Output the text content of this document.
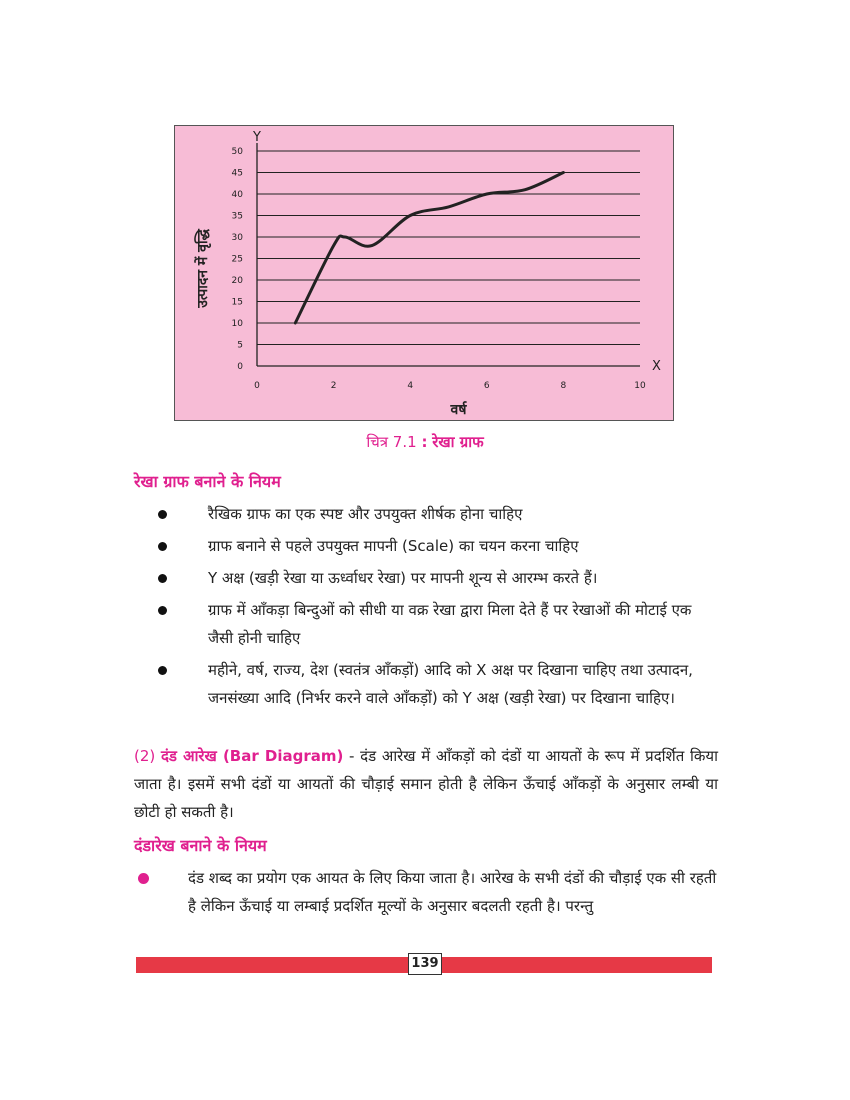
0
5
10
15
20
25
30
35
40
45
50
0	2	4	6	8	10
Y
X
वर्ष
उत्पादन में वृद्धि
चित्र 7.1 : रेखा ग्राफ
रेखा ग्राफ बनाने के नियम
रैखिक ग्राफ का एक स्पष्ट और उपयुक्त शीर्षक होना चाहिए
ग्राफ बनाने से पहले उपयुक्त मापनी (Scale) का चयन करना चाहिए
Y अक्ष (खड़ी रेखा या ऊर्ध्वाधर रेखा) पर मापनी शून्य से आरम्भ करते हैं।
ग्राफ में आँकड़ा बिन्दुओं को सीधी या वक्र रेखा द्वारा मिला देते हैं पर रेखाओं की मोटाई एक जैसी होनी चाहिए
महीने, वर्ष, राज्य, देश (स्वतंत्र आँकड़ों) आदि को X अक्ष पर दिखाना चाहिए तथा उत्पादन, जनसंख्या आदि (निर्भर करने वाले आँकड़ों) को Y अक्ष (खड़ी रेखा) पर दिखाना चाहिए।
(2) दंड आरेख (Bar Diagram) - दंड आरेख में आँकड़ों को दंडों या आयतों के रूप में प्रदर्शित किया जाता है। इसमें सभी दंडों या आयतों की चौड़ाई समान होती है लेकिन ऊँचाई आँकड़ों के अनुसार लम्बी या छोटी हो सकती है।
दंडारेख बनाने के नियम
दंड शब्द का प्रयोग एक आयत के लिए किया जाता है। आरेख के सभी दंडों की चौड़ाई एक सी रहती है लेकिन ऊँचाई या लम्बाई प्रदर्शित मूल्यों के अनुसार बदलती रहती है। परन्तु
139
